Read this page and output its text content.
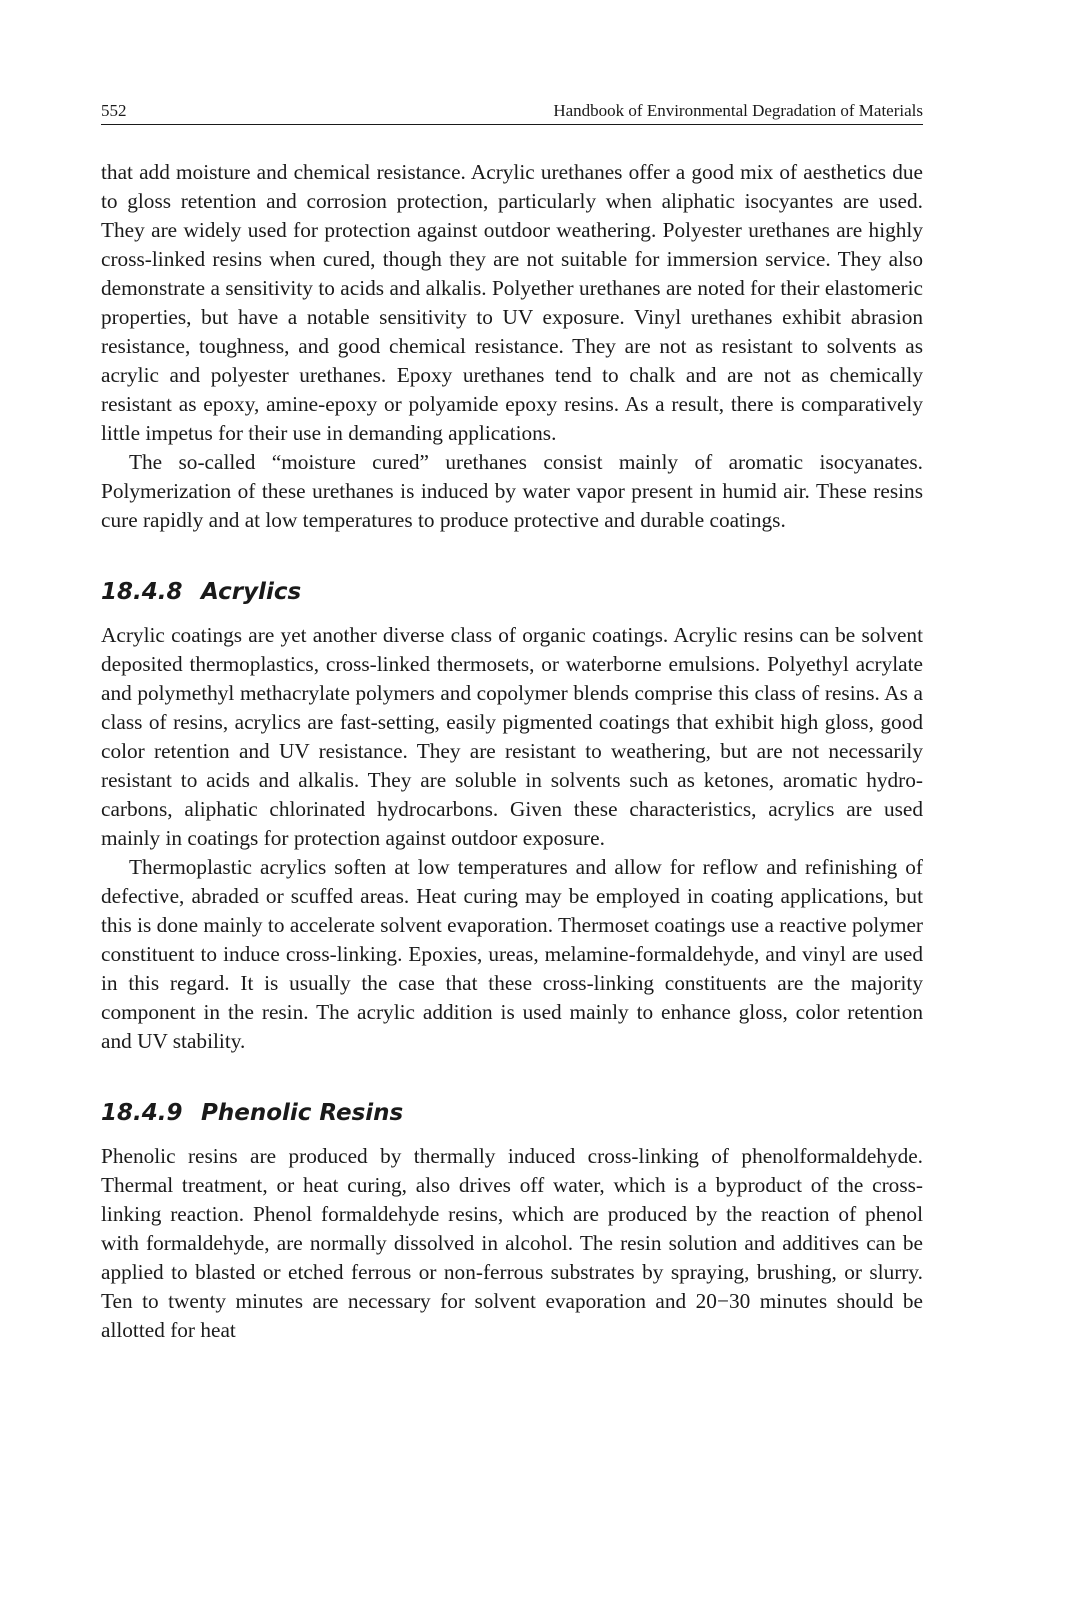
552	Handbook of Environmental Degradation of Materials

that add moisture and chemical resistance. Acrylic urethanes offer a good mix of aesthetics due to gloss retention and corrosion protection, particularly when aliphatic isocyantes are used. They are widely used for protection against outdoor weathering. Polyester urethanes are highly cross-linked resins when cured, though they are not suitable for immersion service. They also demonstrate a sensitivity to acids and alkalis. Polyether urethanes are noted for their elastomeric properties, but have a notable sensitivity to UV exposure. Vinyl urethanes exhibit abrasion resistance, toughness, and good chemical resistance. They are not as resistant to solvents as acrylic and polyester urethanes. Epoxy urethanes tend to chalk and are not as chemically resistant as epoxy, amine-epoxy or polyamide epoxy resins. As a result, there is comparatively little impetus for their use in demanding applications.

The so-called “moisture cured” urethanes consist mainly of aromatic isocyanates. Polymerization of these urethanes is induced by water vapor present in humid air. These resins cure rapidly and at low temperatures to produce protective and durable coatings.

18.4.8 Acrylics

Acrylic coatings are yet another diverse class of organic coatings. Acrylic resins can be solvent deposited thermoplastics, cross-linked thermosets, or waterborne emulsions. Polyethyl acrylate and polymethyl methacrylate polymers and copolymer blends comprise this class of resins. As a class of resins, acrylics are fast-setting, easily pigmented coatings that exhibit high gloss, good color retention and UV resistance. They are resistant to weathering, but are not necessarily resistant to acids and alkalis. They are soluble in solvents such as ketones, aromatic hydrocarbons, aliphatic chlorinated hydrocarbons. Given these characteristics, acrylics are used mainly in coatings for protection against outdoor exposure.

Thermoplastic acrylics soften at low temperatures and allow for reflow and refinishing of defective, abraded or scuffed areas. Heat curing may be employed in coating applications, but this is done mainly to accelerate solvent evaporation. Thermoset coatings use a reactive polymer constituent to induce cross-linking. Epoxies, ureas, melamine-formaldehyde, and vinyl are used in this regard. It is usually the case that these cross-linking constituents are the majority component in the resin. The acrylic addition is used mainly to enhance gloss, color retention and UV stability.

18.4.9 Phenolic Resins

Phenolic resins are produced by thermally induced cross-linking of phenolformaldehyde. Thermal treatment, or heat curing, also drives off water, which is a byproduct of the cross-linking reaction. Phenol formaldehyde resins, which are produced by the reaction of phenol with formaldehyde, are normally dissolved in alcohol. The resin solution and additives can be applied to blasted or etched ferrous or non-ferrous substrates by spraying, brushing, or slurry. Ten to twenty minutes are necessary for solvent evaporation and 20−30 minutes should be allotted for heat
